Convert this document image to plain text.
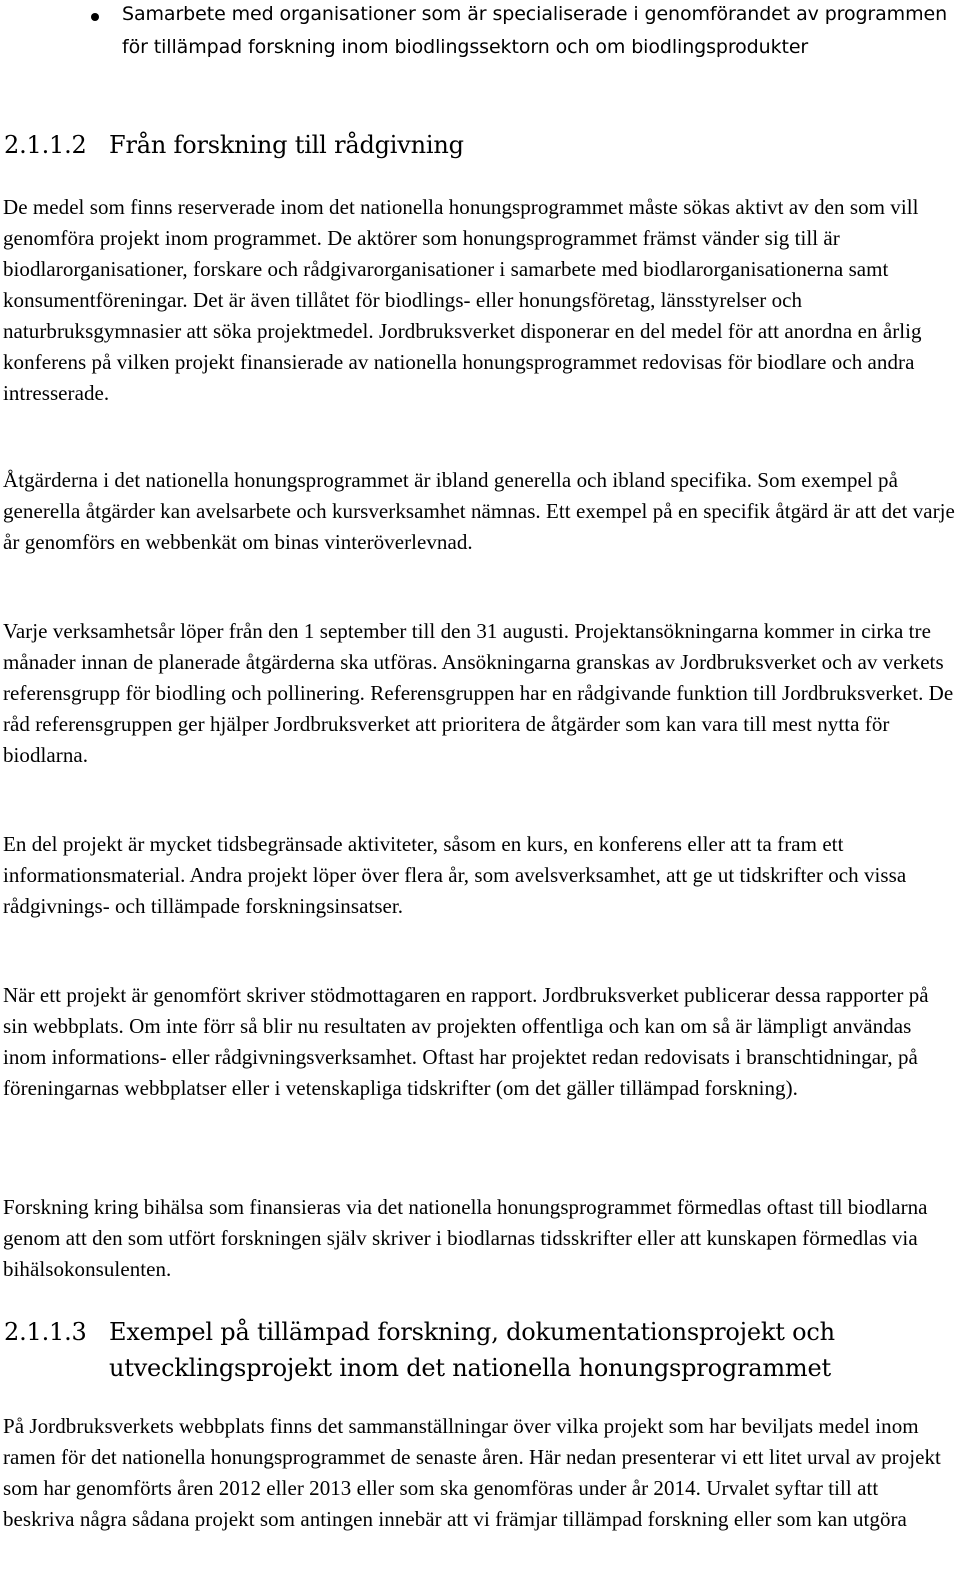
Samarbete med organisationer som är specialiserade i genomförandet av programmen för tillämpad forskning inom biodlingssektorn och om biodlingsprodukter
2.1.1.2 Från forskning till rådgivning

De medel som finns reserverade inom det nationella honungsprogrammet måste sökas aktivt av den som vill genomföra projekt inom programmet. De aktörer som honungsprogrammet främst vänder sig till är biodlarorganisationer, forskare och rådgivarorganisationer i samarbete med biodlarorganisationerna samt konsumentföreningar. Det är även tillåtet för biodlings- eller honungsföretag, länsstyrelser och naturbruksgymnasier att söka projektmedel. Jordbruksverket disponerar en del medel för att anordna en årlig konferens på vilken projekt finansierade av nationella honungsprogrammet redovisas för biodlare och andra intresserade.

Åtgärderna i det nationella honungsprogrammet är ibland generella och ibland specifika. Som exempel på generella åtgärder kan avelsarbete och kursverksamhet nämnas. Ett exempel på en specifik åtgärd är att det varje år genomförs en webbenkät om binas vinteröverlevnad.

Varje verksamhetsår löper från den 1 september till den 31 augusti. Projektansökningarna kommer in cirka tre månader innan de planerade åtgärderna ska utföras. Ansökningarna granskas av Jordbruksverket och av verkets referensgrupp för biodling och pollinering. Referensgruppen har en rådgivande funktion till Jordbruksverket. De råd referensgruppen ger hjälper Jordbruksverket att prioritera de åtgärder som kan vara till mest nytta för biodlarna.

En del projekt är mycket tidsbegränsade aktiviteter, såsom en kurs, en konferens eller att ta fram ett informationsmaterial. Andra projekt löper över flera år, som avelsverksamhet, att ge ut tidskrifter och vissa rådgivnings- och tillämpade forskningsinsatser.

När ett projekt är genomfört skriver stödmottagaren en rapport. Jordbruksverket publicerar dessa rapporter på sin webbplats. Om inte förr så blir nu resultaten av projekten offentliga och kan om så är lämpligt användas inom informations- eller rådgivningsverksamhet. Oftast har projektet redan redovisats i branschtidningar, på föreningarnas webbplatser eller i vetenskapliga tidskrifter (om det gäller tillämpad forskning).

Forskning kring bihälsa som finansieras via det nationella honungsprogrammet förmedlas oftast till biodlarna genom att den som utfört forskningen själv skriver i biodlarnas tidsskrifter eller att kunskapen förmedlas via bihälsokonsulenten.

2.1.1.3 Exempel på tillämpad forskning, dokumentationsprojekt och utvecklingsprojekt inom det nationella honungsprogrammet

På Jordbruksverkets webbplats finns det sammanställningar över vilka projekt som har beviljats medel inom ramen för det nationella honungsprogrammet de senaste åren. Här nedan presenterar vi ett litet urval av projekt som har genomförts åren 2012 eller 2013 eller som ska genomföras under år 2014. Urvalet syftar till att beskriva några sådana projekt som antingen innebär att vi främjar tillämpad forskning eller som kan utgöra
